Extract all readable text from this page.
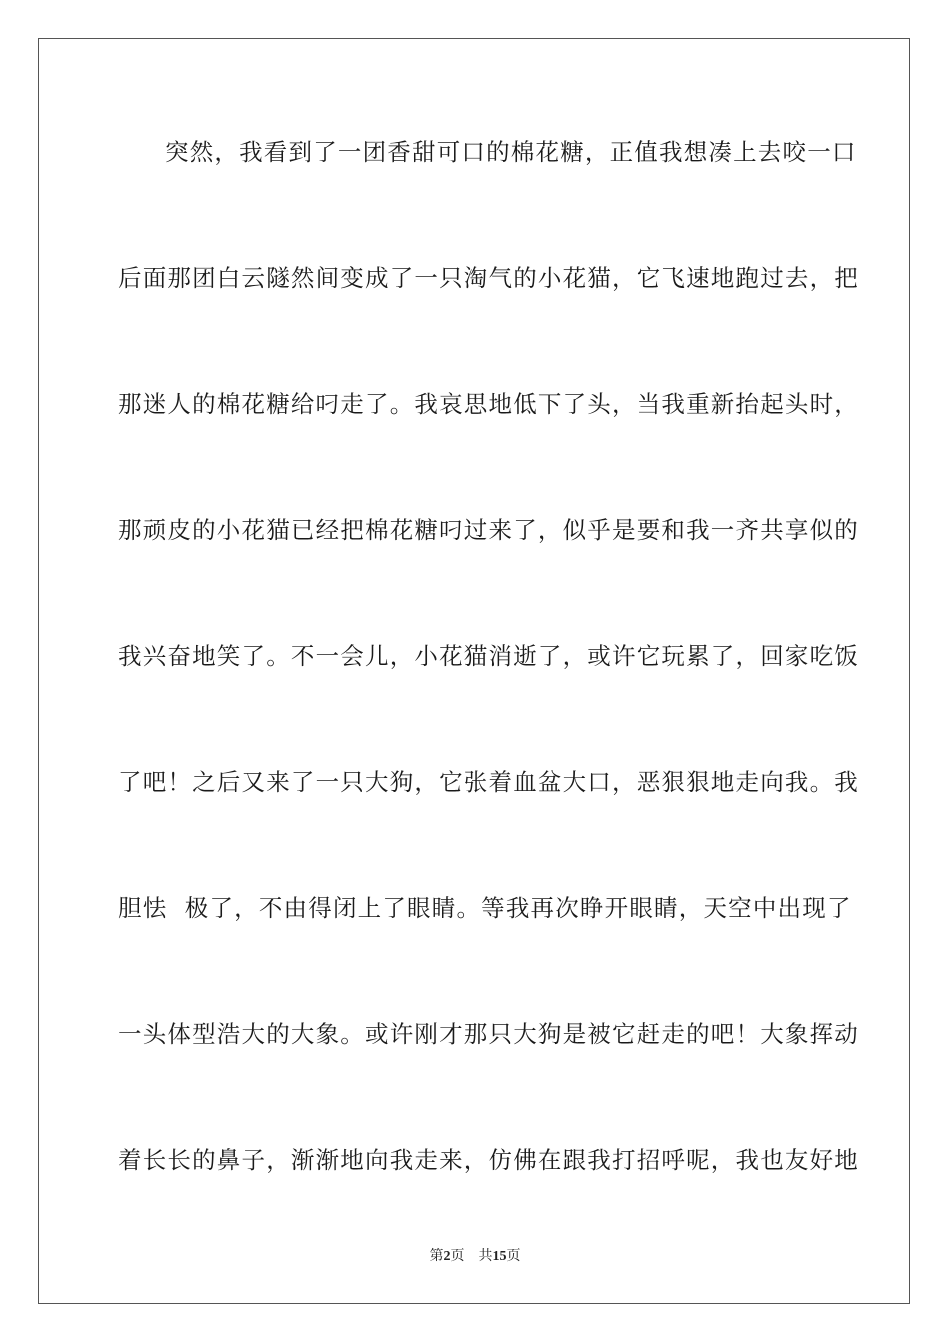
突然，我看到了一团香甜可口的棉花糖，正值我想凑上去咬一口
后面那团白云隧然间变成了一只淘气的小花猫，它飞速地跑过去，把
那迷人的棉花糖给叼走了。我哀思地低下了头，当我重新抬起头时，
那顽皮的小花猫已经把棉花糖叼过来了，似乎是要和我一齐共享似的
我兴奋地笑了。不一会儿，小花猫消逝了，或许它玩累了，回家吃饭
了吧！之后又来了一只大狗，它张着血盆大口，恶狠狠地走向我。我
胆怯  极了，不由得闭上了眼睛。等我再次睁开眼睛，天空中出现了
一头体型浩大的大象。或许刚才那只大狗是被它赶走的吧！大象挥动
着长长的鼻子，渐渐地向我走来，仿佛在跟我打招呼呢，我也友好地
第2页 共15页
